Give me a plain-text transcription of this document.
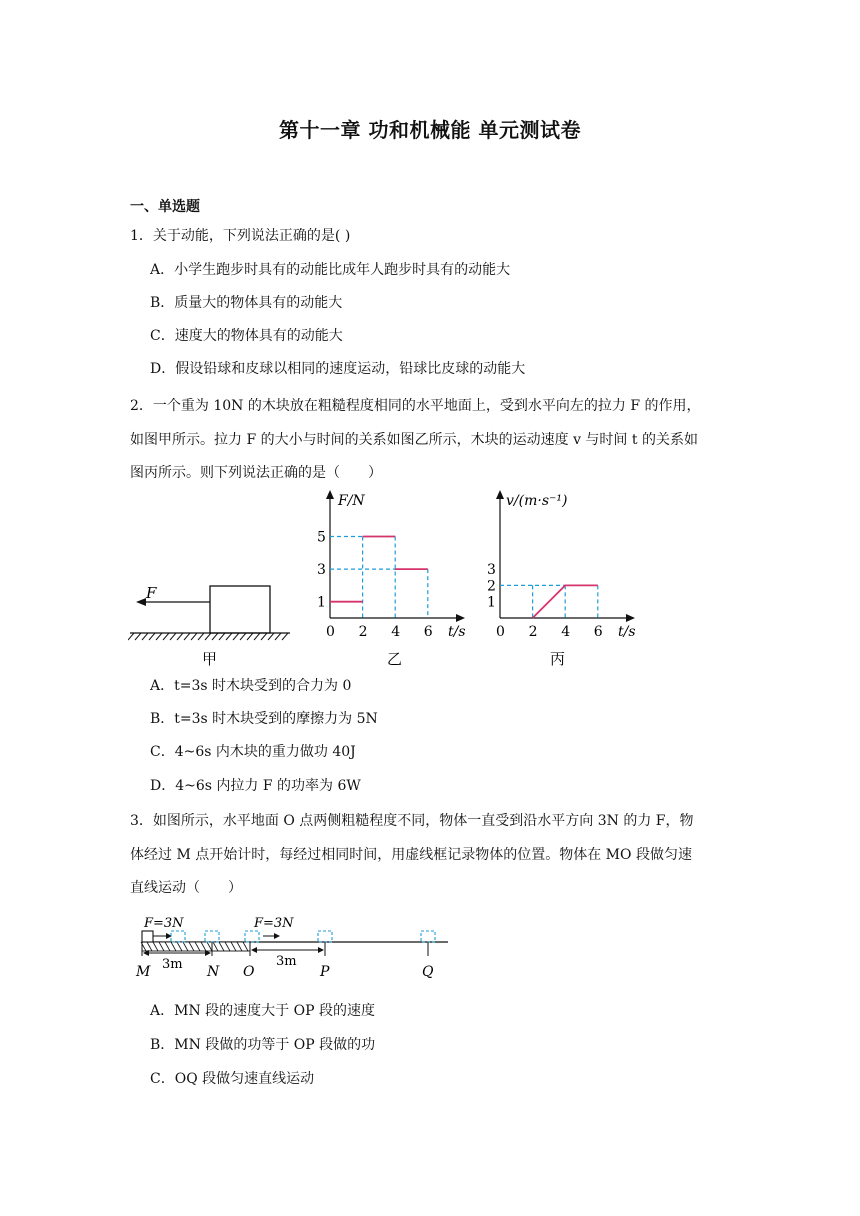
第十一章 功和机械能 单元测试卷
一、单选题
1．关于动能，下列说法正确的是( )
A．小学生跑步时具有的动能比成年人跑步时具有的动能大
B．质量大的物体具有的动能大
C．速度大的物体具有的动能大
D．假设铅球和皮球以相同的速度运动，铅球比皮球的动能大
2．一个重为 10N 的木块放在粗糙程度相同的水平地面上，受到水平向左的拉力 F 的作用，
如图甲所示。拉力 F 的大小与时间的关系如图乙所示，木块的运动速度 v 与时间 t 的关系如
图丙所示。则下列说法正确的是（　　）
F
甲
F/N
t/s
0 2 4 6
1
3
5
乙
v/(m·s⁻¹)
t/s
0 2 4 6
1
2
3
丙
A．t=3s 时木块受到的合力为 0
B．t=3s 时木块受到的摩擦力为 5N
C．4~6s 内木块的重力做功 40J
D．4~6s 内拉力 F 的功率为 6W
3．如图所示，水平地面 O 点两侧粗糙程度不同，物体一直受到沿水平方向 3N 的力 F，物
体经过 M 点开始计时，每经过相同时间，用虚线框记录物体的位置。物体在 MO 段做匀速
直线运动（　　）
F=3N	F=3N
3m	3m
M	N O	P	Q
A．MN 段的速度大于 OP 段的速度
B．MN 段做的功等于 OP 段做的功
C．OQ 段做匀速直线运动
